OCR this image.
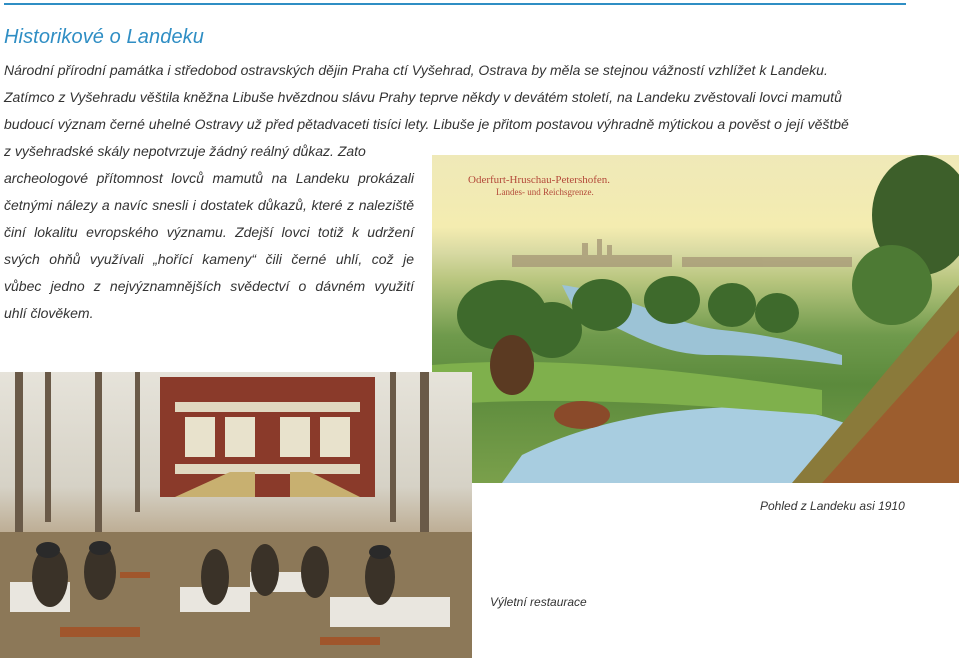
Historikové o Landeku
Národní přírodní památka i středobod ostravských dějin Praha ctí Vyšehrad, Ostrava by měla se stejnou vážností vzhlížet k Landeku.
Zatímco z Vyšehradu věštila kněžna Libuše hvězdnou slávu Prahy teprve někdy v devátém století, na Landeku zvěstovali lovci mamutů
budoucí význam černé uhelné Ostravy už před pětadvaceti tisíci lety. Libuše je přitom postavou výhradně mýtickou a pověst o její věštbě
z vyšehradské skály nepotvrzuje žádný reálný důkaz. Zato
archeologové přítomnost lovců mamutů na Landeku prokázali
četnými nálezy a navíc snesli i dostatek důkazů, které z naleziště
činí lokalitu evropského významu. Zdejší lovci totiž k udržení
svých ohňů využívali „hořící kameny“ čili černé uhlí, což je
vůbec jedno z nejvýznamnějších svědectví o dávném využití
uhlí člověkem.
Oderfurt-Hruschau-Petershofen.
Landes- und Reichsgrenze.
Pohled z Landeku asi 1910
Výletní restaurace
